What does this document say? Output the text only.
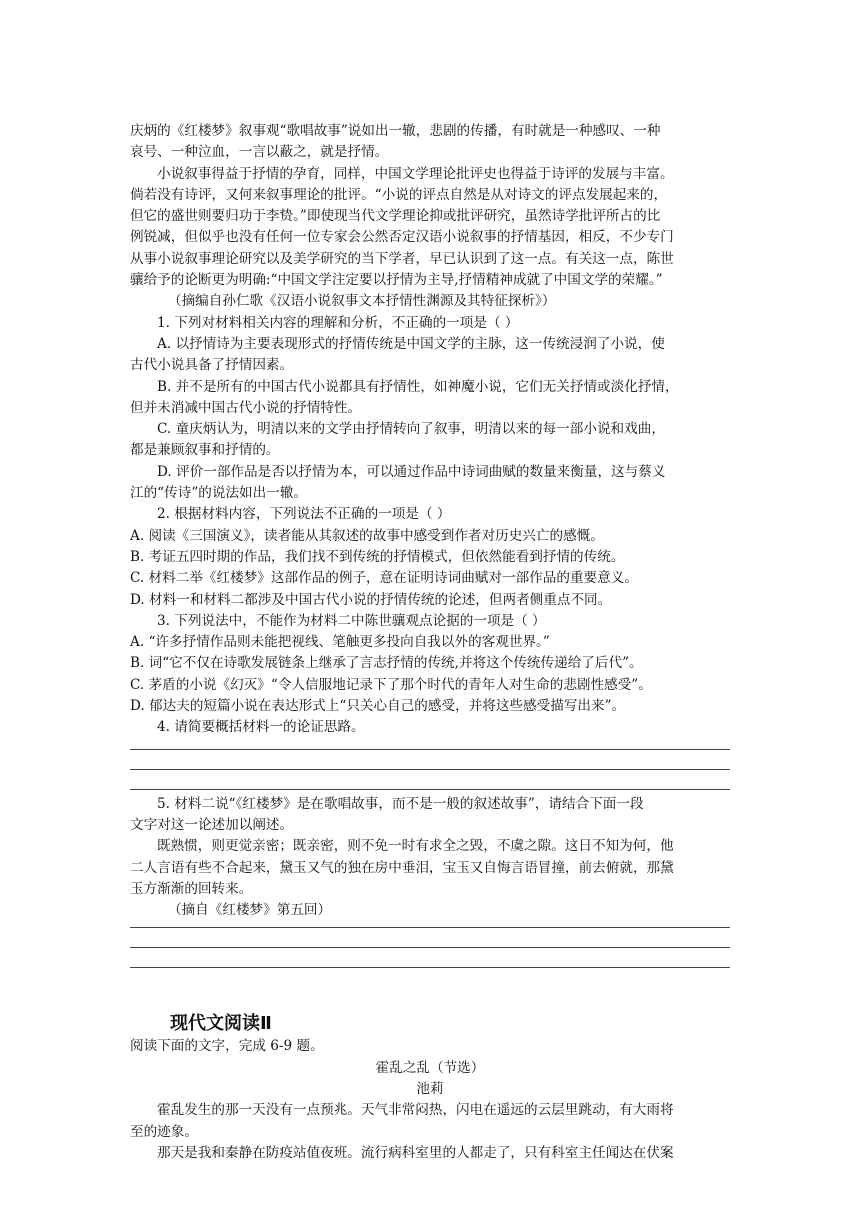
庆炳的《红楼梦》叙事观“歌唱故事”说如出一辙，悲剧的传播，有时就是一种感叹、一种
哀号、一种泣血，一言以蔽之，就是抒情。
小说叙事得益于抒情的孕育，同样，中国文学理论批评史也得益于诗评的发展与丰富。
倘若没有诗评，又何来叙事理论的批评。“小说的评点自然是从对诗文的评点发展起来的，
但它的盛世则要归功于李贽。”即使现当代文学理论抑或批评研究，虽然诗学批评所占的比
例锐减，但似乎也没有任何一位专家会公然否定汉语小说叙事的抒情基因，相反，不少专门
从事小说叙事理论研究以及美学研究的当下学者，早已认识到了这一点。有关这一点，陈世
骧给予的论断更为明确:“中国文学注定要以抒情为主导,抒情精神成就了中国文学的荣耀。”
（摘编自孙仁歌《汉语小说叙事文本抒情性渊源及其特征探析》）
1. 下列对材料相关内容的理解和分析，不正确的一项是（ ）
A. 以抒情诗为主要表现形式的抒情传统是中国文学的主脉，这一传统浸润了小说，使
古代小说具备了抒情因素。
B. 并不是所有的中国古代小说都具有抒情性，如神魔小说，它们无关抒情或淡化抒情，
但并未消减中国古代小说的抒情特性。
C. 童庆炳认为，明清以来的文学由抒情转向了叙事，明清以来的每一部小说和戏曲，
都是兼顾叙事和抒情的。
D. 评价一部作品是否以抒情为本，可以通过作品中诗词曲赋的数量来衡量，这与蔡义
江的“传诗”的说法如出一辙。
2. 根据材料内容，下列说法不正确的一项是（ ）
A. 阅读《三国演义》，读者能从其叙述的故事中感受到作者对历史兴亡的感慨。
B. 考证五四时期的作品，我们找不到传统的抒情模式，但依然能看到抒情的传统。
C. 材料二举《红楼梦》这部作品的例子，意在证明诗词曲赋对一部作品的重要意义。
D. 材料一和材料二都涉及中国古代小说的抒情传统的论述，但两者侧重点不同。
3. 下列说法中，不能作为材料二中陈世骧观点论据的一项是（ ）
A. “许多抒情作品则未能把视线、笔触更多投向自我以外的客观世界。”
B. 词“它不仅在诗歌发展链条上继承了言志抒情的传统,并将这个传统传递给了后代”。
C. 茅盾的小说《幻灭》“令人信服地记录下了那个时代的青年人对生命的悲剧性感受”。
D. 郁达夫的短篇小说在表达形式上“只关心自己的感受，并将这些感受描写出来”。
4. 请简要概括材料一的论证思路。
5. 材料二说“《红楼梦》是在歌唱故事，而不是一般的叙述故事”，请结合下面一段
文字对这一论述加以阐述。
既熟惯，则更觉亲密；既亲密，则不免一时有求全之毁，不虞之隙。这日不知为何，他
二人言语有些不合起来，黛玉又气的独在房中垂泪，宝玉又自悔言语冒撞，前去俯就，那黛
玉方渐渐的回转来。
（摘自《红楼梦》第五回）
现代文阅读Ⅱ
阅读下面的文字，完成 6-9 题。
霍乱之乱（节选）
池莉
霍乱发生的那一天没有一点预兆。天气非常闷热，闪电在遥远的云层里跳动，有大雨将
至的迹象。
那天是我和秦静在防疫站值夜班。流行病科室里的人都走了，只有科室主任闻达在伏案
